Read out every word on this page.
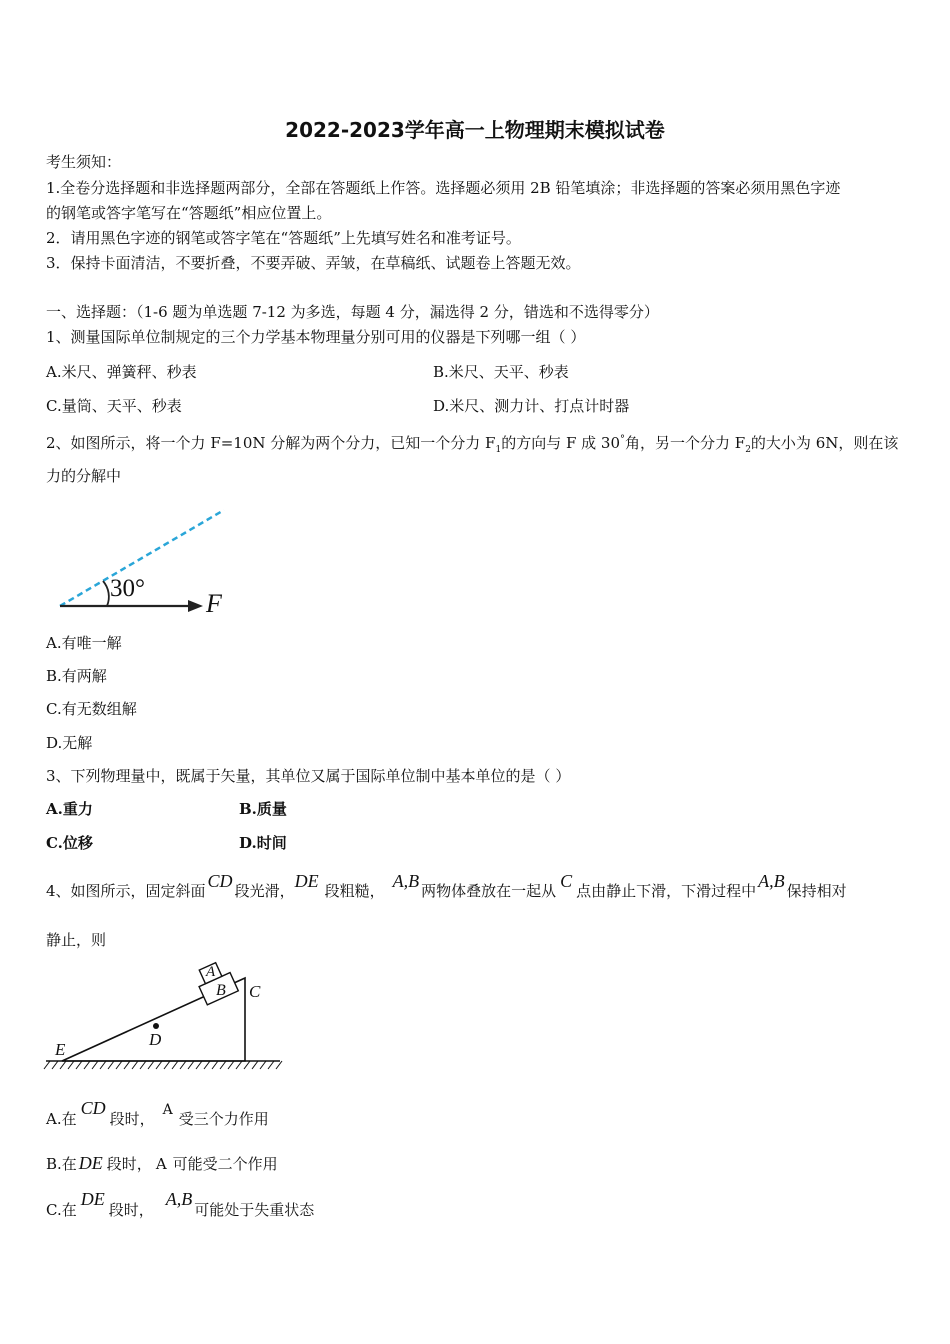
2022-2023学年高一上物理期末模拟试卷
考生须知：
1.全卷分选择题和非选择题两部分，全部在答题纸上作答。选择题必须用 2B 铅笔填涂；非选择题的答案必须用黑色字迹
的钢笔或答字笔写在“答题纸”相应位置上。
2．请用黑色字迹的钢笔或答字笔在“答题纸”上先填写姓名和准考证号。
3．保持卡面清洁，不要折叠，不要弄破、弄皱，在草稿纸、试题卷上答题无效。
一、选择题：（1-6 题为单选题 7-12 为多选，每题 4 分，漏选得 2 分，错选和不选得零分）
1、测量国际单位制规定的三个力学基本物理量分别可用的仪器是下列哪一组（ ）
A.米尺、弹簧秤、秒表	B.米尺、天平、秒表
C.量筒、天平、秒表	D.米尺、测力计、打点计时器
2、如图所示，将一个力 F=10N 分解为两个分力，已知一个分力 $F_1$的方向与 F 成 30°角，另一个分力 $F_2$的大小为 6N，则在该
力的分解中
30°
F
A.有唯一解
B.有两解
C.有无数组解
D.无解
3、下列物理量中，既属于矢量，其单位又属于国际单位制中基本单位的是（ ）
A.重力	B.质量
C.位移	D.时间
4、如图所示，固定斜面 CD 段光滑，DE 段粗糙， A,B 两物体叠放在一起从 C 点由静止下滑，下滑过程中 A,B 保持相对
静止，则
A
B C
D
E
A.在CD段时， A 受三个力作用
B.在 DE 段时， A 可能受二个作用
C.在DE段时，A,B可能处于失重状态
